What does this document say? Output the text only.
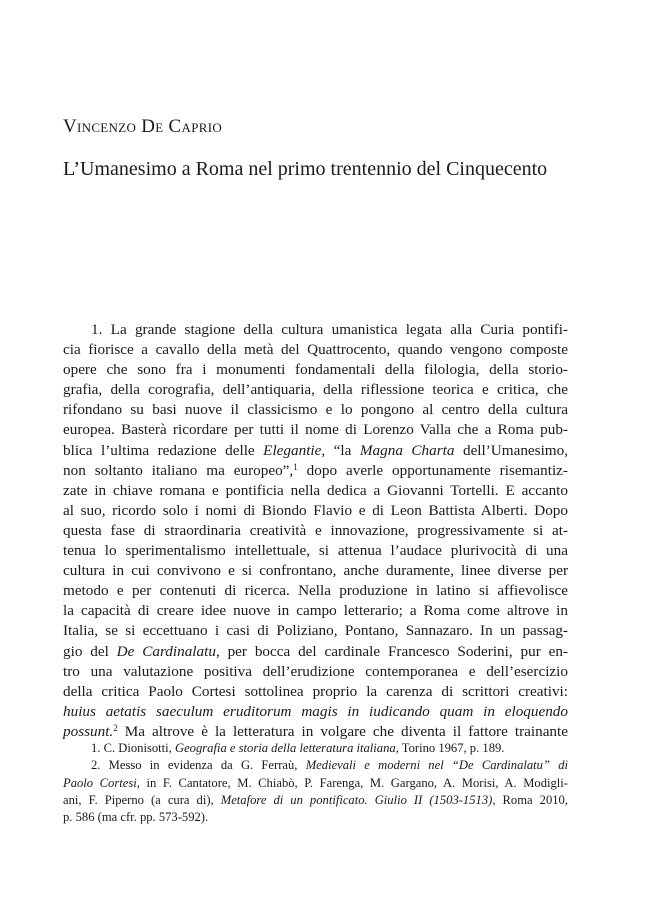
Vincenzo De Caprio
L’Umanesimo a Roma nel primo trentennio del Cinquecento
1. La grande stagione della cultura umanistica legata alla Curia pontifi-
cia fiorisce a cavallo della metà del Quattrocento, quando vengono composte
opere che sono fra i monumenti fondamentali della filologia, della storio-
grafia, della corografia, dell’antiquaria, della riflessione teorica e critica, che
rifondano su basi nuove il classicismo e lo pongono al centro della cultura
europea. Basterà ricordare per tutti il nome di Lorenzo Valla che a Roma pub-
blica l’ultima redazione delle Elegantie, “la Magna Charta dell’Umanesimo,
non soltanto italiano ma europeo”,$^1$ dopo averle opportunamente risemantiz-
zate in chiave romana e pontificia nella dedica a Giovanni Tortelli. E accanto
al suo, ricordo solo i nomi di Biondo Flavio e di Leon Battista Alberti. Dopo
questa fase di straordinaria creatività e innovazione, progressivamente si at-
tenua lo sperimentalismo intellettuale, si attenua l’audace plurivocità di una
cultura in cui convivono e si confrontano, anche duramente, linee diverse per
metodo e per contenuti di ricerca. Nella produzione in latino si affievolisce
la capacità di creare idee nuove in campo letterario; a Roma come altrove in
Italia, se si eccettuano i casi di Poliziano, Pontano, Sannazaro. In un passag-
gio del De Cardinalatu, per bocca del cardinale Francesco Soderini, pur en-
tro una valutazione positiva dell’erudizione contemporanea e dell’esercizio
della critica Paolo Cortesi sottolinea proprio la carenza di scrittori creativi:
huius aetatis saeculum eruditorum magis in iudicando quam in eloquendo
possunt.$^2$ Ma altrove è la letteratura in volgare che diventa il fattore trainante
1. C. Dionisotti, Geografia e storia della letteratura italiana, Torino 1967, p. 189.
2. Messo in evidenza da G. Ferraù, Medievali e moderni nel “De Cardinalatu” di
Paolo Cortesi, in F. Cantatore, M. Chiabò, P. Farenga, M. Gargano, A. Morisi, A. Modigli-
ani, F. Piperno (a cura di), Metafore di un pontificato. Giulio II (1503-1513), Roma 2010,
p. 586 (ma cfr. pp. 573-592).
